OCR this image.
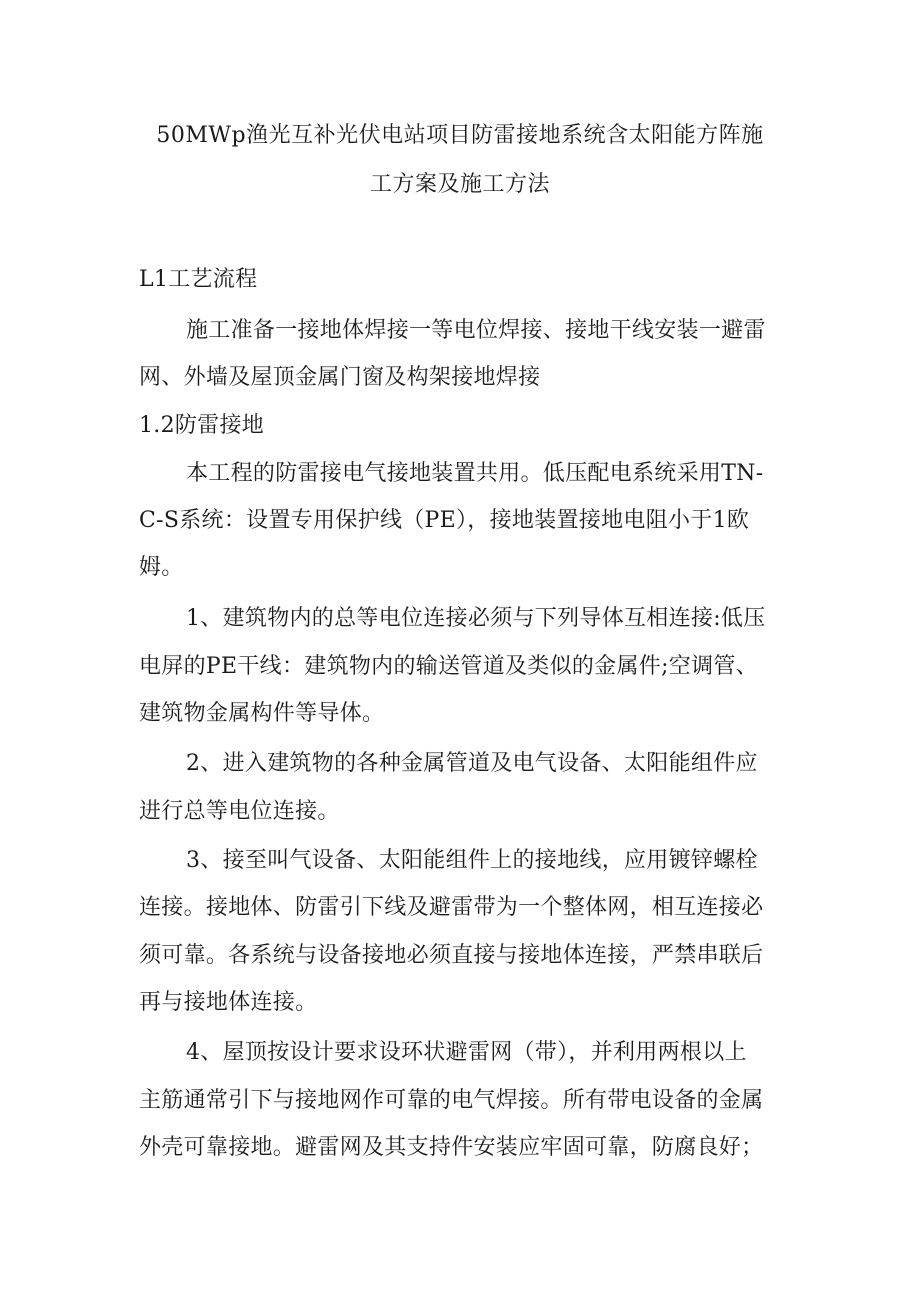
50MWp渔光互补光伏电站项目防雷接地系统含太阳能方阵施
工方案及施工方法
L1工艺流程
施工准备一接地体焊接一等电位焊接、接地干线安装一避雷
网、外墙及屋顶金属门窗及构架接地焊接
1.2防雷接地
本工程的防雷接电气接地装置共用。低压配电系统采用TN-
C-S系统：设置专用保护线（PE），接地装置接地电阻小于1欧
姆。
1、建筑物内的总等电位连接必须与下列导体互相连接:低压
电屏的PE干线：建筑物内的输送管道及类似的金属件;空调管、
建筑物金属构件等导体。
2、进入建筑物的各种金属管道及电气设备、太阳能组件应
进行总等电位连接。
3、接至叫气设备、太阳能组件上的接地线，应用镀锌螺栓
连接。接地体、防雷引下线及避雷带为一个整体网，相互连接必
须可靠。各系统与设备接地必须直接与接地体连接，严禁串联后
再与接地体连接。
4、屋顶按设计要求设环状避雷网（带），并利用两根以上
主筋通常引下与接地网作可靠的电气焊接。所有带电设备的金属
外壳可靠接地。避雷网及其支持件安装应牢固可靠，防腐良好；
